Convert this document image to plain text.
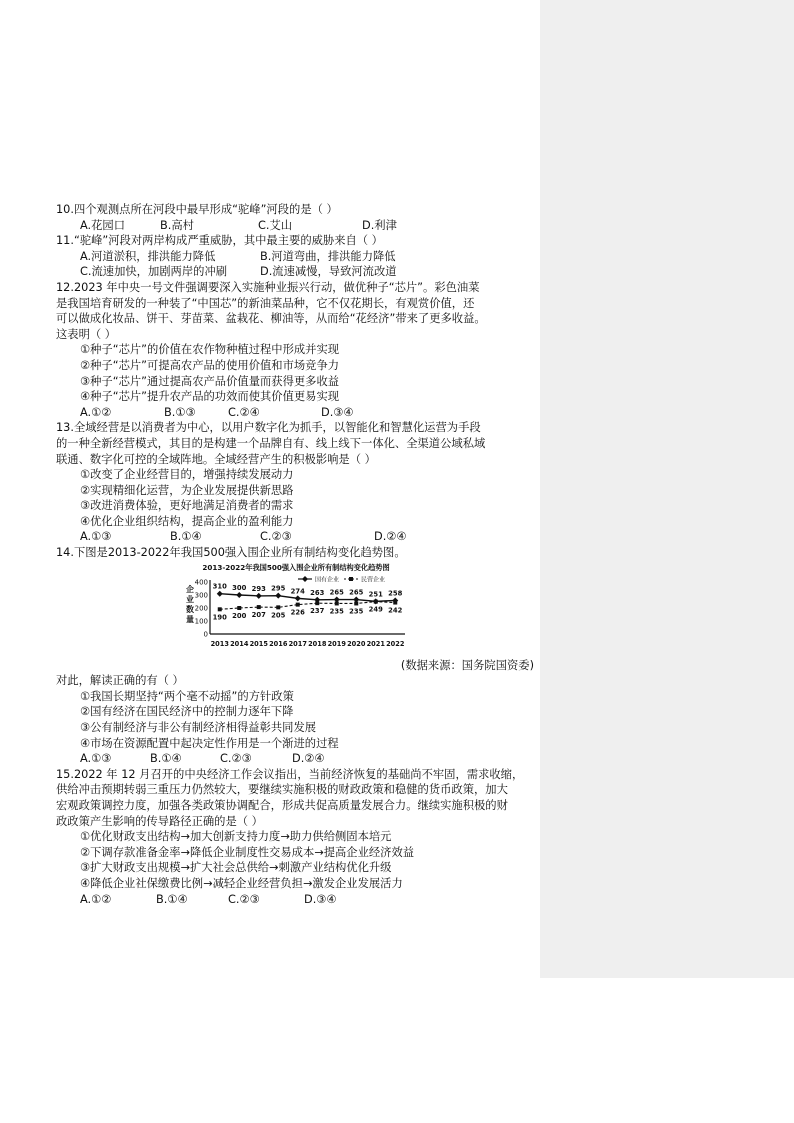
10.四个观测点所在河段中最早形成“驼峰”河段的是（ ）
A.花园口	B.高村	C.艾山	D.利津
11.“驼峰”河段对两岸构成严重威胁，其中最主要的威胁来自（ ）
A.河道淤积，排洪能力降低	B.河道弯曲，排洪能力降低
C.流速加快，加剧两岸的冲刷	D.流速减慢，导致河流改道
12.2023 年中央一号文件强调要深入实施种业振兴行动，做优种子“芯片”。彩色油菜
是我国培育研发的一种装了“中国芯”的新油菜品种，它不仅花期长，有观赏价值，还
可以做成化妆品、饼干、芽苗菜、盆栽花、柳油等，从而给“花经济”带来了更多收益。
这表明（ ）
①种子“芯片”的价值在农作物种植过程中形成并实现
②种子“芯片”可提高农产品的使用价值和市场竞争力
③种子“芯片”通过提高农产品价值量而获得更多收益
④种子“芯片”提升农产品的功效而使其价值更易实现
A.①②	B.①③	C.②④	D.③④
13.全域经营是以消费者为中心，以用户数字化为抓手，以智能化和智慧化运营为手段
的一种全新经营模式，其目的是构建一个品牌自有、线上线下一体化、全渠道公域私域
联通、数字化可控的全域阵地。全域经营产生的积极影响是（ ）
①改变了企业经营目的，增强持续发展动力
②实现精细化运营，为企业发展提供新思路
③改进消费体验，更好地满足消费者的需求
④优化企业组织结构，提高企业的盈利能力
A.①③	B.①④	C.②③	D.②④
14.下图是2013-2022年我国500强入围企业所有制结构变化趋势图。
2013-2022年我国500强入围企业所有制结构变化趋势图
国有企业	民营企业
企
业
数
量
400
300
200
100
0
2013 2014 2015 2016 2017 2018 2019 2020 2021 2022
310 300 293 295 274 263 265 265 251 258
190 200 207 205 226 237 235 235 249 242
(数据来源：国务院国资委)
对此，解读正确的有（ ）
①我国长期坚持“两个毫不动摇”的方针政策
②国有经济在国民经济中的控制力逐年下降
③公有制经济与非公有制经济相得益彰共同发展
④市场在资源配置中起决定性作用是一个渐进的过程
A.①③	B.①④	C.②③	D.②④
15.2022 年 12 月召开的中央经济工作会议指出，当前经济恢复的基础尚不牢固，需求收缩，
供给冲击预期转弱三重压力仍然较大，要继续实施积极的财政政策和稳健的货币政策，加大
宏观政策调控力度，加强各类政策协调配合，形成共促高质量发展合力。继续实施积极的财
政政策产生影响的传导路径正确的是（ ）
①优化财政支出结构→加大创新支持力度→助力供给侧固本培元
②下调存款准备金率→降低企业制度性交易成本→提高企业经济效益
③扩大财政支出规模→扩大社会总供给→刺激产业结构优化升级
④降低企业社保缴费比例→减轻企业经营负担→激发企业发展活力
A.①②	B.①④	C.②③	D.③④
